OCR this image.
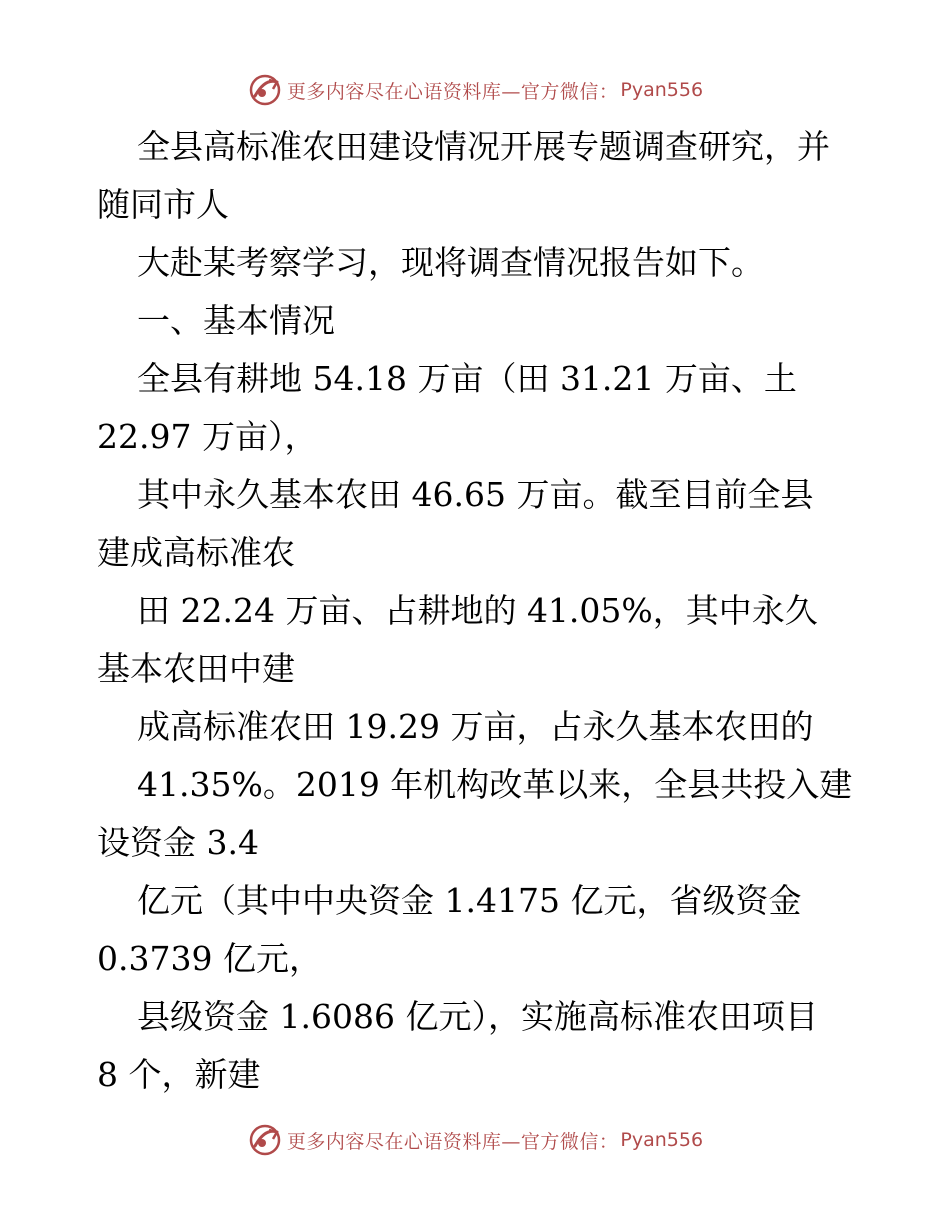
更多内容尽在心语资料库—官方微信： Pyan556
全县高标准农田建设情况开展专题调查研究，并
随同市人
大赴某考察学习，现将调查情况报告如下。
一、基本情况
全县有耕地 54.18 万亩（田 31.21 万亩、土
22.97 万亩），
其中永久基本农田 46.65 万亩。截至目前全县
建成高标准农
田 22.24 万亩、占耕地的 41.05%，其中永久
基本农田中建
成高标准农田 19.29 万亩，占永久基本农田的
41.35%。2019 年机构改革以来，全县共投入建
设资金 3.4
亿元（其中中央资金 1.4175 亿元，省级资金
0.3739 亿元，
县级资金 1.6086 亿元），实施高标准农田项目
8 个，新建
更多内容尽在心语资料库—官方微信： Pyan556
